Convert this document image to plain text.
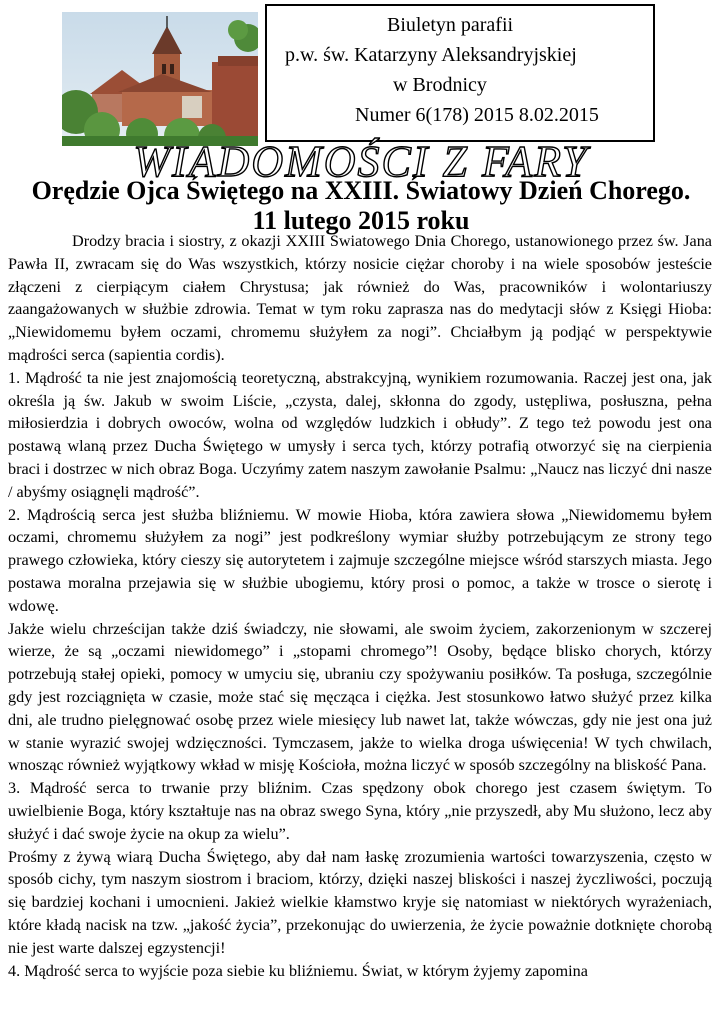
Biuletyn parafii
p.w. św. Katarzyny Aleksandryjskiej
w Brodnicy
Numer 6(178) 2015 8.02.2015
WIADOMOŚCI Z FARY
Orędzie Ojca Świętego na XXIII. Światowy Dzień Chorego. 11 lutego 2015 roku

Drodzy bracia i siostry, z okazji XXIII Światowego Dnia Chorego, ustanowionego przez św. Jana Pawła II, zwracam się do Was wszystkich, którzy nosicie ciężar choroby i na wiele sposobów jesteście złączeni z cierpiącym ciałem Chrystusa; jak również do Was, pracowników i wolontariuszy zaangażowanych w służbie zdrowia. Temat w tym roku zaprasza nas do medytacji słów z Księgi Hioba: „Niewidomemu byłem oczami, chromemu służyłem za nogi”. Chciałbym ją podjąć w perspektywie mądrości serca (sapientia cordis).

1. Mądrość ta nie jest znajomością teoretyczną, abstrakcyjną, wynikiem rozumowania. Raczej jest ona, jak określa ją św. Jakub w swoim Liście, „czysta, dalej, skłonna do zgody, ustępliwa, posłuszna, pełna miłosierdzia i dobrych owoców, wolna od względów ludzkich i obłudy”. Z tego też powodu jest ona postawą wlaną przez Ducha Świętego w umysły i serca tych, którzy potrafią otworzyć się na cierpienia braci i dostrzec w nich obraz Boga. Uczyńmy zatem naszym zawołanie Psalmu: „Naucz nas liczyć dni nasze / abyśmy osiągnęli mądrość”.

2. Mądrością serca jest służba bliźniemu. W mowie Hioba, która zawiera słowa „Niewidomemu byłem oczami, chromemu służyłem za nogi” jest podkreślony wymiar służby potrzebującym ze strony tego prawego człowieka, który cieszy się autorytetem i zajmuje szczególne miejsce wśród starszych miasta. Jego postawa moralna przejawia się w służbie ubogiemu, który prosi o pomoc, a także w trosce o sierotę i wdowę.

Jakże wielu chrześcijan także dziś świadczy, nie słowami, ale swoim życiem, zakorzenionym w szczerej wierze, że są „oczami niewidomego” i „stopami chromego”! Osoby, będące blisko chorych, którzy potrzebują stałej opieki, pomocy w umyciu się, ubraniu czy spożywaniu posiłków. Ta posługa, szczególnie gdy jest rozciągnięta w czasie, może stać się męcząca i ciężka. Jest stosunkowo łatwo służyć przez kilka dni, ale trudno pielęgnować osobę przez wiele miesięcy lub nawet lat, także wówczas, gdy nie jest ona już w stanie wyrazić swojej wdzięczności. Tymczasem, jakże to wielka droga uświęcenia! W tych chwilach, wnosząc również wyjątkowy wkład w misję Kościoła, można liczyć w sposób szczególny na bliskość Pana.

3. Mądrość serca to trwanie przy bliźnim. Czas spędzony obok chorego jest czasem świętym. To uwielbienie Boga, który kształtuje nas na obraz swego Syna, który „nie przyszedł, aby Mu służono, lecz aby służyć i dać swoje życie na okup za wielu”.

Prośmy z żywą wiarą Ducha Świętego, aby dał nam łaskę zrozumienia wartości towarzyszenia, często w sposób cichy, tym naszym siostrom i braciom, którzy, dzięki naszej bliskości i naszej życzliwości, poczują się bardziej kochani i umocnieni. Jakież wielkie kłamstwo kryje się natomiast w niektórych wyrażeniach, które kładą nacisk na tzw. „jakość życia”, przekonując do uwierzenia, że życie poważnie dotknięte chorobą nie jest warte dalszej egzystencji!

4. Mądrość serca to wyjście poza siebie ku bliźniemu. Świat, w którym żyjemy zapomina
